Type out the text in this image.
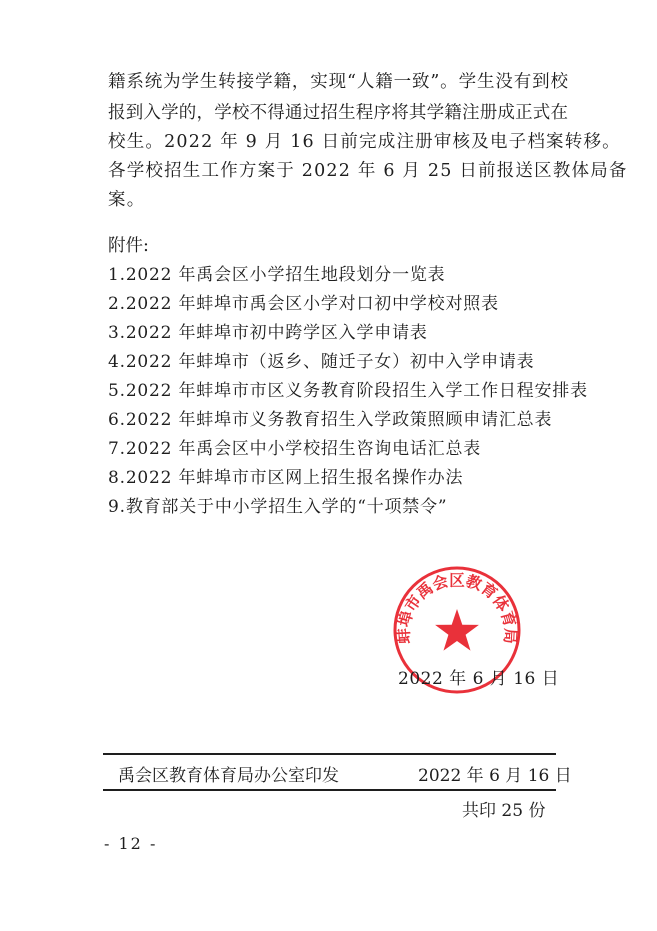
籍系统为学生转接学籍，实现“人籍一致”。学生没有到校
报到入学的，学校不得通过招生程序将其学籍注册成正式在
校生。2022 年 9 月 16 日前完成注册审核及电子档案转移。
各学校招生工作方案于 2022 年 6 月 25 日前报送区教体局备
案。
附件:
1.2022 年禹会区小学招生地段划分一览表
2.2022 年蚌埠市禹会区小学对口初中学校对照表
3.2022 年蚌埠市初中跨学区入学申请表
4.2022 年蚌埠市（返乡、随迁子女）初中入学申请表
5.2022 年蚌埠市市区义务教育阶段招生入学工作日程安排表
6.2022 年蚌埠市义务教育招生入学政策照顾申请汇总表
7.2022 年禹会区中小学校招生咨询电话汇总表
8.2022 年蚌埠市市区网上招生报名操作办法
9.教育部关于中小学招生入学的“十项禁令”
蚌埠市禹会区教育体育局
2022 年 6 月 16 日
禹会区教育体育局办公室印发	2022 年 6 月 16 日
共印 25 份
- 12 -
